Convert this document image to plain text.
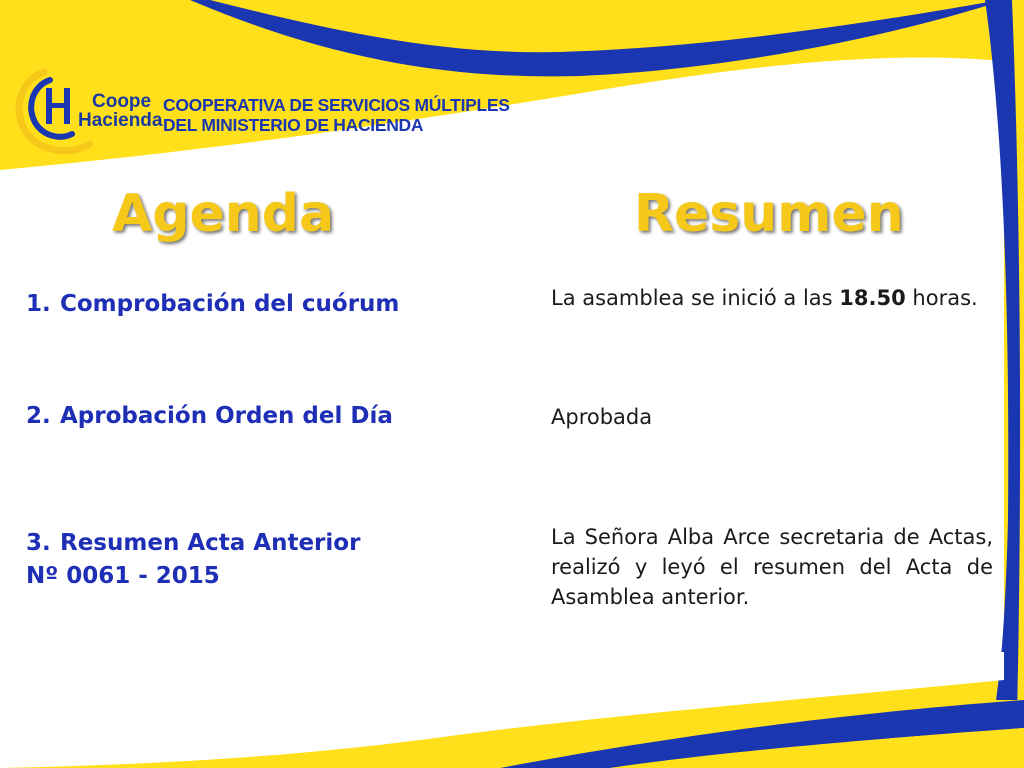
Coope
Hacienda
COOPERATIVA DE SERVICIOS MÚLTIPLES
DEL MINISTERIO DE HACIENDA
Agenda	Resumen
1. Comprobación del cuórum
2. Aprobación Orden del Día
3. Resumen Acta Anterior
Nº 0061 - 2015
La asamblea se inició a las 18.50 horas.
Aprobada
La Señora Alba Arce secretaria de Actas, realizó y leyó el resumen del Acta de Asamblea anterior.
